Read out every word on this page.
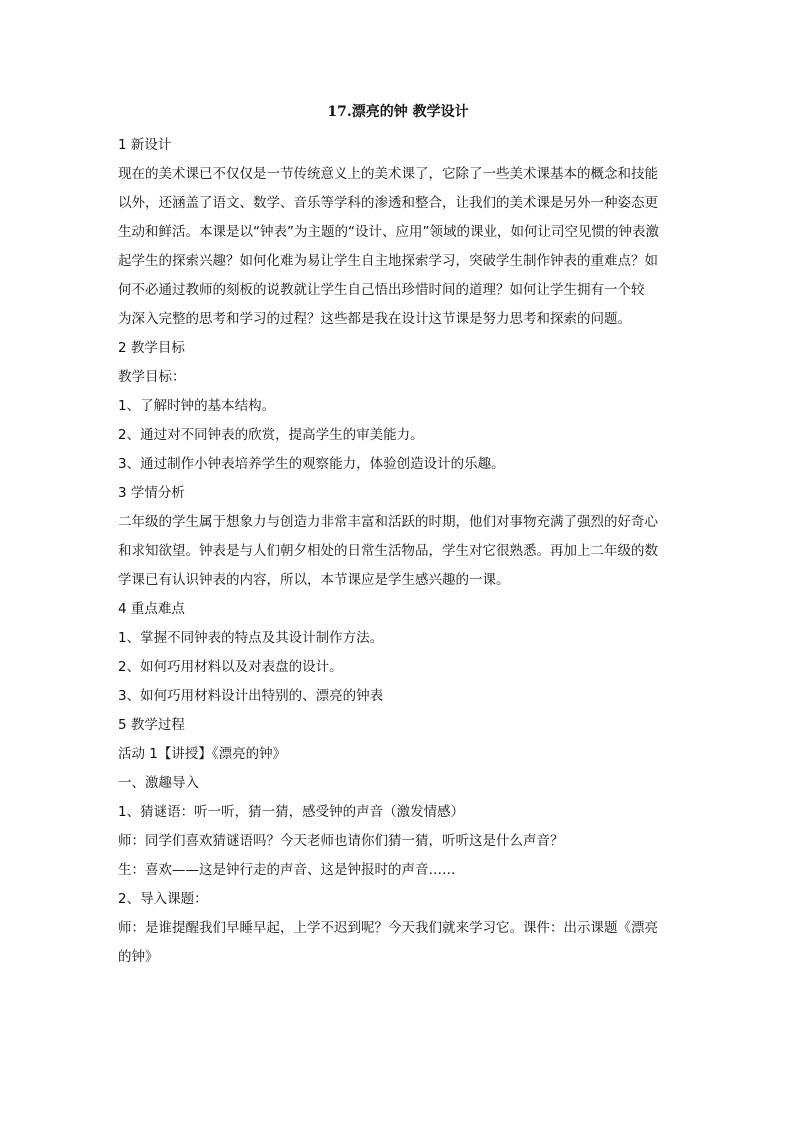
17.漂亮的钟 教学设计
1 新设计
现在的美术课已不仅仅是一节传统意义上的美术课了，它除了一些美术课基本的概念和技能
以外，还涵盖了语文、数学、音乐等学科的渗透和整合，让我们的美术课是另外一种姿态更
生动和鲜活。本课是以“钟表”为主题的“设计、应用”领域的课业，如何让司空见惯的钟表激
起学生的探索兴趣？如何化难为易让学生自主地探索学习，突破学生制作钟表的重难点？如
何不必通过教师的刻板的说教就让学生自己悟出珍惜时间的道理？如何让学生拥有一个较
为深入完整的思考和学习的过程？这些都是我在设计这节课是努力思考和探索的问题。
2 教学目标
教学目标：
1、了解时钟的基本结构。
2、通过对不同钟表的欣赏，提高学生的审美能力。
3、通过制作小钟表培养学生的观察能力，体验创造设计的乐趣。
3 学情分析
二年级的学生属于想象力与创造力非常丰富和活跃的时期，他们对事物充满了强烈的好奇心
和求知欲望。钟表是与人们朝夕相处的日常生活物品，学生对它很熟悉。再加上二年级的数
学课已有认识钟表的内容，所以，本节课应是学生感兴趣的一课。
4 重点难点
1、掌握不同钟表的特点及其设计制作方法。
2、如何巧用材料以及对表盘的设计。
3、如何巧用材料设计出特别的、漂亮的钟表
5 教学过程
活动 1【讲授】《漂亮的钟》
一、激趣导入
1、猜谜语：听一听，猜一猜，感受钟的声音（激发情感）
师：同学们喜欢猜谜语吗？今天老师也请你们猜一猜，听听这是什么声音？
生：喜欢——这是钟行走的声音、这是钟报时的声音……
2、导入课题：
师：是谁提醒我们早睡早起，上学不迟到呢？今天我们就来学习它。课件：出示课题《漂亮
的钟》
